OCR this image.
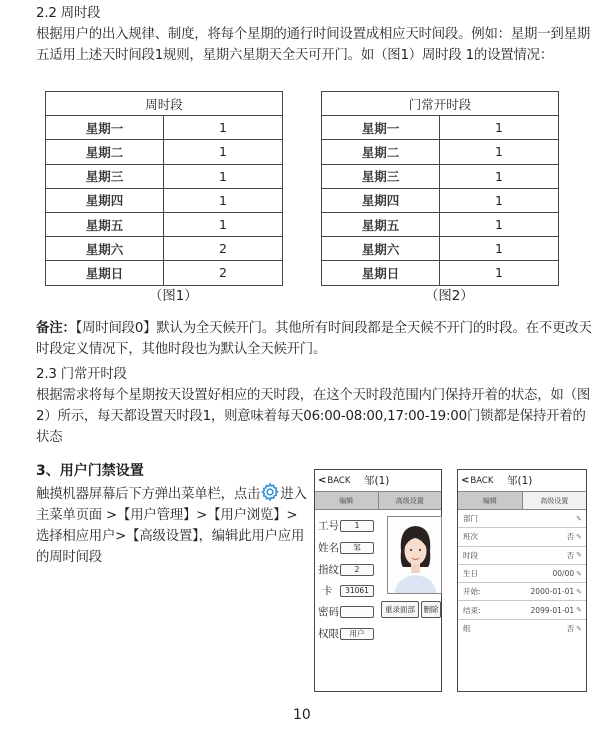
2.2 周时段
根据用户的出入规律、制度，将每个星期的通行时间设置成相应天时间段。例如：星期一到星期五适用上述天时间段1规则，星期六星期天全天可开门。如（图1）周时段 1的设置情况：
周时段	
星期一	1
星期二	1
星期三	1
星期四	1
星期五	1
星期六	2
星期日	2
（图1）
门常开时段	
星期一	1
星期二	1
星期三	1
星期四	1
星期五	1
星期六	1
星期日	1
（图2）
备注：【周时间段0】默认为全天候开门。其他所有时间段都是全天候不开门的时段。在不更改天时段定义情况下，其他时段也为默认全天候开门。
2.3 门常开时段
根据需求将每个星期按天设置好相应的天时段，在这个天时段范围内门保持开着的状态，如（图2）所示，每天都设置天时段1，则意味着每天06:00-08:00,17:00-19:00门锁都是保持开着的状态
3、用户门禁设置
触摸机器屏幕后下方弹出菜单栏，点击 进入主菜单页面 >【用户管理】>【用户浏览】>选择相应用户>【高级设置】，编辑此用户应用的周时间段
< BACK 邹(1)
编辑	高级设置
工号	1
姓名	邹
指纹	2
卡	31061
密码
权限	用户
重录面部	删除
< BACK 邹(1)
编辑	高级设置
部门	✎
班次	否 ✎
时段	否 ✎
生日	00/00 ✎
开始:	2000-01-01 ✎
结束:	2099-01-01 ✎
组	否 ✎
10
